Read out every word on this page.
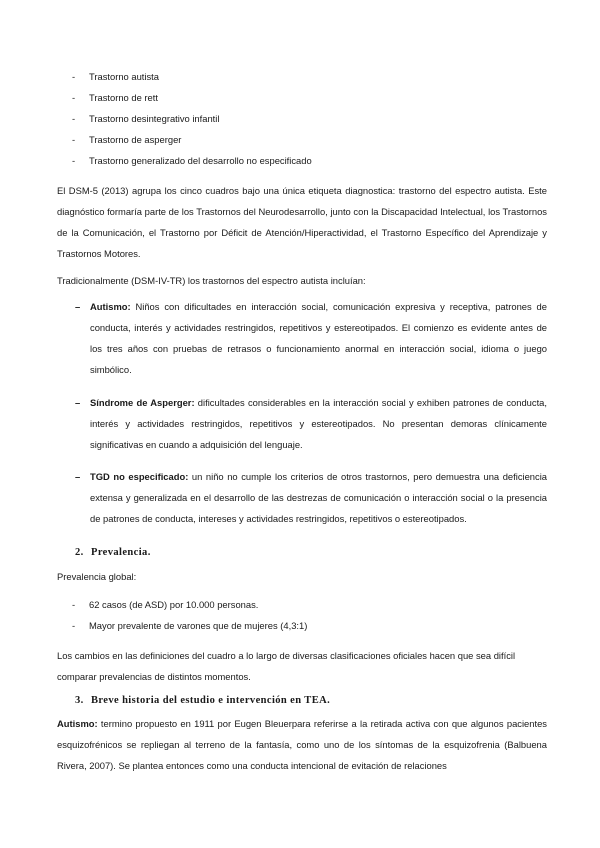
- Trastorno autista
- Trastorno de rett
- Trastorno desintegrativo infantil
- Trastorno de asperger
- Trastorno generalizado del desarrollo no especificado

El DSM-5 (2013) agrupa los cinco cuadros bajo una única etiqueta diagnostica: trastorno del espectro autista. Este diagnóstico formaría parte de los Trastornos del Neurodesarrollo, junto con la Discapacidad Intelectual, los Trastornos de la Comunicación, el Trastorno por Déficit de Atención/Hiperactividad, el Trastorno Específico del Aprendizaje y Trastornos Motores.

Tradicionalmente (DSM-IV-TR) los trastornos del espectro autista incluían:

– Autismo: Niños con dificultades en interacción social, comunicación expresiva y receptiva, patrones de conducta, interés y actividades restringidos, repetitivos y estereotipados. El comienzo es evidente antes de los tres años con pruebas de retrasos o funcionamiento anormal en interacción social, idioma o juego simbólico.
– Síndrome de Asperger: dificultades considerables en la interacción social y exhiben patrones de conducta, interés y actividades restringidos, repetitivos y estereotipados. No presentan demoras clínicamente significativas en cuando a adquisición del lenguaje.
– TGD no especificado: un niño no cumple los criterios de otros trastornos, pero demuestra una deficiencia extensa y generalizada en el desarrollo de las destrezas de comunicación o interacción social o la presencia de patrones de conducta, intereses y actividades restringidos, repetitivos o estereotipados.
2. Prevalencia.

Prevalencia global:

- 62 casos (de ASD) por 10.000 personas.
- Mayor prevalente de varones que de mujeres (4,3:1)

Los cambios en las definiciones del cuadro a lo largo de diversas clasificaciones oficiales hacen que sea difícil comparar prevalencias de distintos momentos.

3. Breve historia del estudio e intervención en TEA.

Autismo: termino propuesto en 1911 por Eugen Bleuerpara referirse a la retirada activa con que algunos pacientes esquizofrénicos se repliegan al terreno de la fantasía, como uno de los síntomas de la esquizofrenia (Balbuena Rivera, 2007). Se plantea entonces como una conducta intencional de evitación de relaciones
